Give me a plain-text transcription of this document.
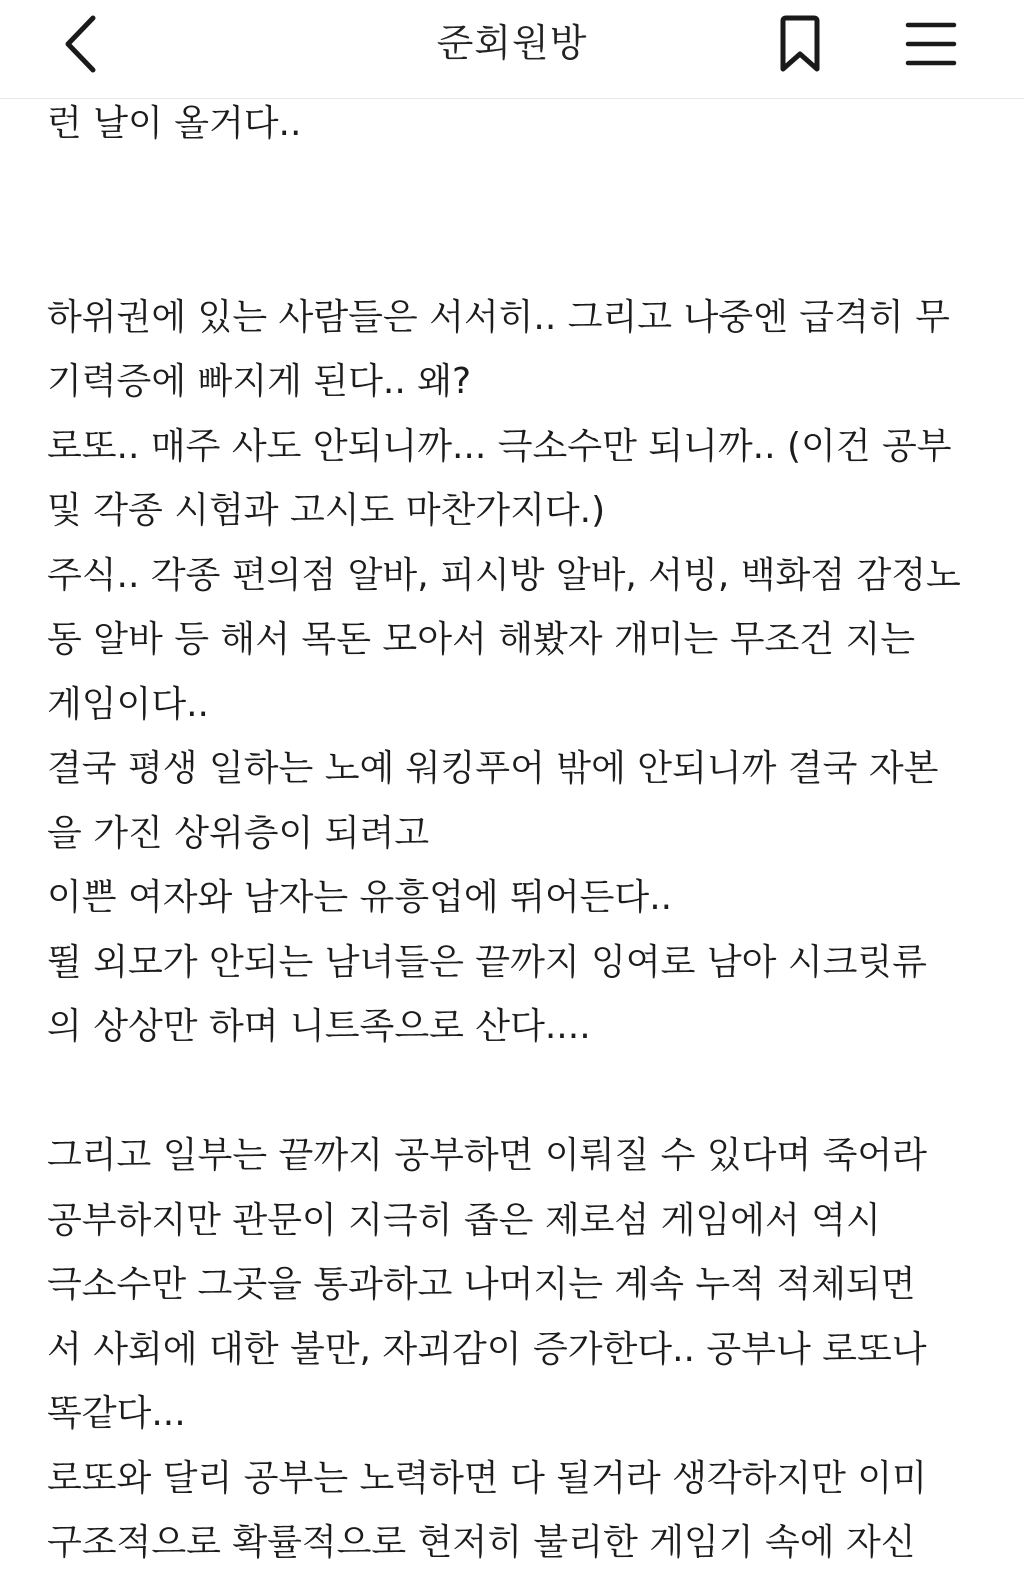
준회원방
런 날이 올거다..
하위권에 있는 사람들은 서서히.. 그리고 나중엔 급격히 무
기력증에 빠지게 된다.. 왜?
로또.. 매주 사도 안되니까... 극소수만 되니까.. (이건 공부
및 각종 시험과 고시도 마찬가지다.)
주식.. 각종 편의점 알바, 피시방 알바, 서빙, 백화점 감정노
동 알바 등 해서 목돈 모아서 해봤자 개미는 무조건 지는
게임이다..
결국 평생 일하는 노예 워킹푸어 밖에 안되니까 결국 자본
을 가진 상위층이 되려고
이쁜 여자와 남자는 유흥업에 뛰어든다..
뛸 외모가 안되는 남녀들은 끝까지 잉여로 남아 시크릿류
의 상상만 하며 니트족으로 산다....
그리고 일부는 끝까지 공부하면 이뤄질 수 있다며 죽어라
공부하지만 관문이 지극히 좁은 제로섬 게임에서 역시
극소수만 그곳을 통과하고 나머지는 계속 누적 적체되면
서 사회에 대한 불만, 자괴감이 증가한다.. 공부나 로또나
똑같다...
로또와 달리 공부는 노력하면 다 될거라 생각하지만 이미
구조적으로 확률적으로 현저히 불리한 게임기 속에 자신
